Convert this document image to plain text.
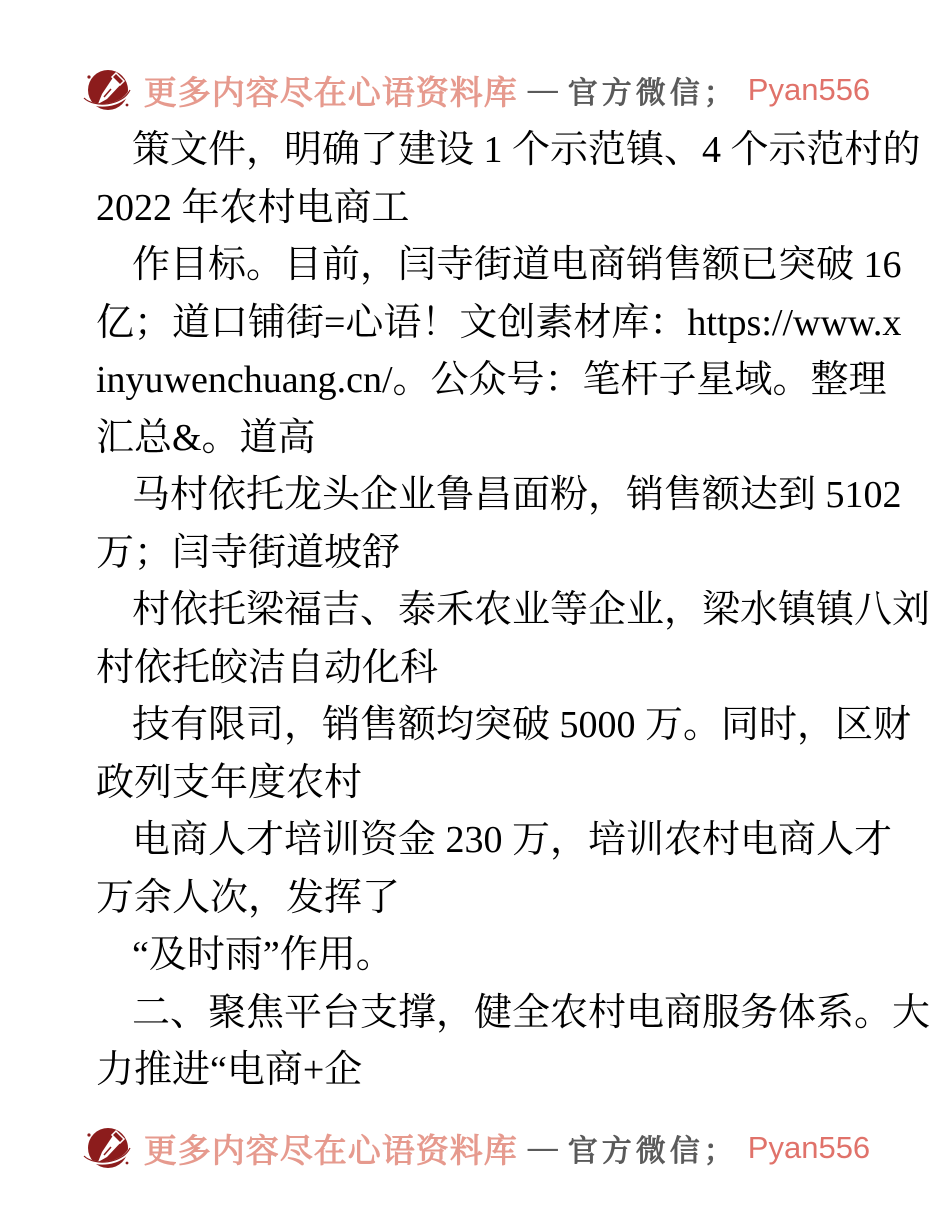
更多内容尽在心语资料库 — 官方微信； Pyan556
策文件，明确了建设 1 个示范镇、4 个示范村的
2022 年农村电商工
作目标。目前，闫寺街道电商销售额已突破 16
亿；道口铺街=心语！文创素材库：https://www.x
inyuwenchuang.cn/。公众号：笔杆子星域。整理
汇总&。道高
马村依托龙头企业鲁昌面粉，销售额达到 5102
万；闫寺街道坡舒
村依托梁福吉、泰禾农业等企业，梁水镇镇八刘
村依托皎洁自动化科
技有限司，销售额均突破 5000 万。同时，区财
政列支年度农村
电商人才培训资金 230 万，培训农村电商人才
万余人次，发挥了
“及时雨”作用。
二、聚焦平台支撑，健全农村电商服务体系。大
力推进“电商+企
更多内容尽在心语资料库 — 官方微信； Pyan556
